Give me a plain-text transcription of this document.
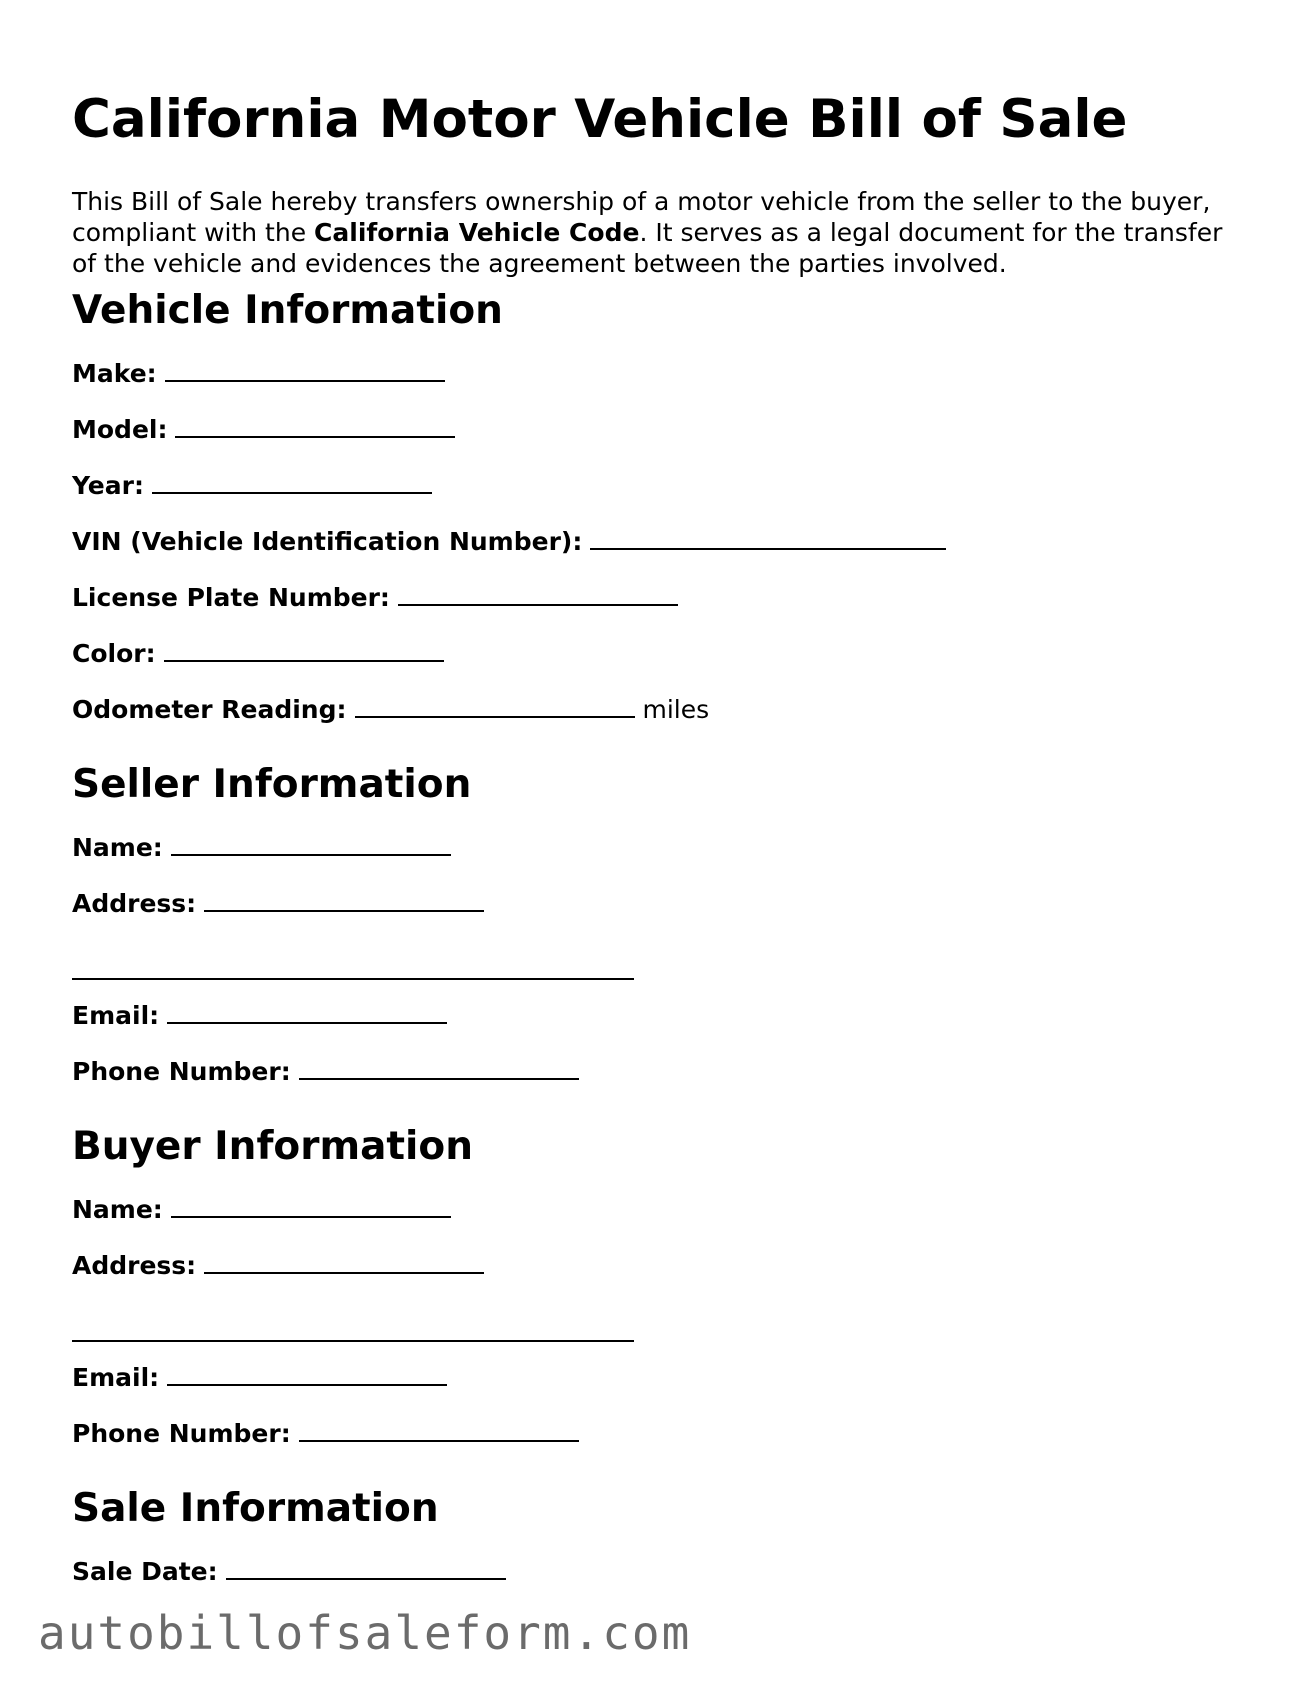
California Motor Vehicle Bill of Sale

This Bill of Sale hereby transfers ownership of a motor vehicle from the seller to the buyer, compliant with the California Vehicle Code. It serves as a legal document for the transfer of the vehicle and evidences the agreement between the parties involved.

Vehicle Information
Make:
Model:
Year:
VIN (Vehicle Identification Number):
License Plate Number:
Color:
Odometer Reading:	miles
Seller Information
Name:
Address:
Email:
Phone Number:
Buyer Information
Name:
Address:
Email:
Phone Number:
Sale Information
Sale Date:
autobillofsaleform.com
